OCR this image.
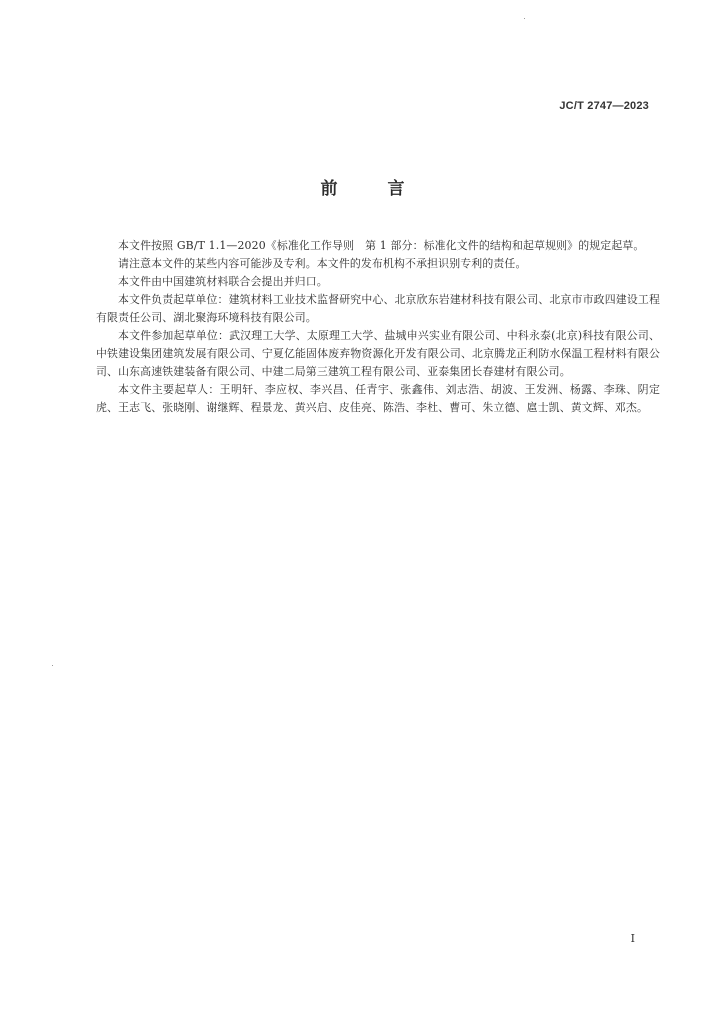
JC/T 2747—2023
前 言

本文件按照 GB/T 1.1—2020《标准化工作导则　第 1 部分：标准化文件的结构和起草规则》的规定起草。

请注意本文件的某些内容可能涉及专利。本文件的发布机构不承担识别专利的责任。

本文件由中国建筑材料联合会提出并归口。

本文件负责起草单位：建筑材料工业技术监督研究中心、北京欣东岩建材科技有限公司、北京市市政四建设工程有限责任公司、湖北聚海环境科技有限公司。

本文件参加起草单位：武汉理工大学、太原理工大学、盐城申兴实业有限公司、中科永泰(北京)科技有限公司、中铁建设集团建筑发展有限公司、宁夏亿能固体废弃物资源化开发有限公司、北京腾龙正利防水保温工程材料有限公司、山东高速铁建装备有限公司、中建二局第三建筑工程有限公司、亚泰集团长春建材有限公司。

本文件主要起草人：王明轩、李应权、李兴昌、任青宇、张鑫伟、刘志浩、胡波、王发洲、杨露、李珠、阴定虎、王志飞、张晓刚、谢继辉、程景龙、黄兴启、皮佳亮、陈浩、李杜、曹可、朱立德、扈士凯、黄文辉、邓杰。

I
